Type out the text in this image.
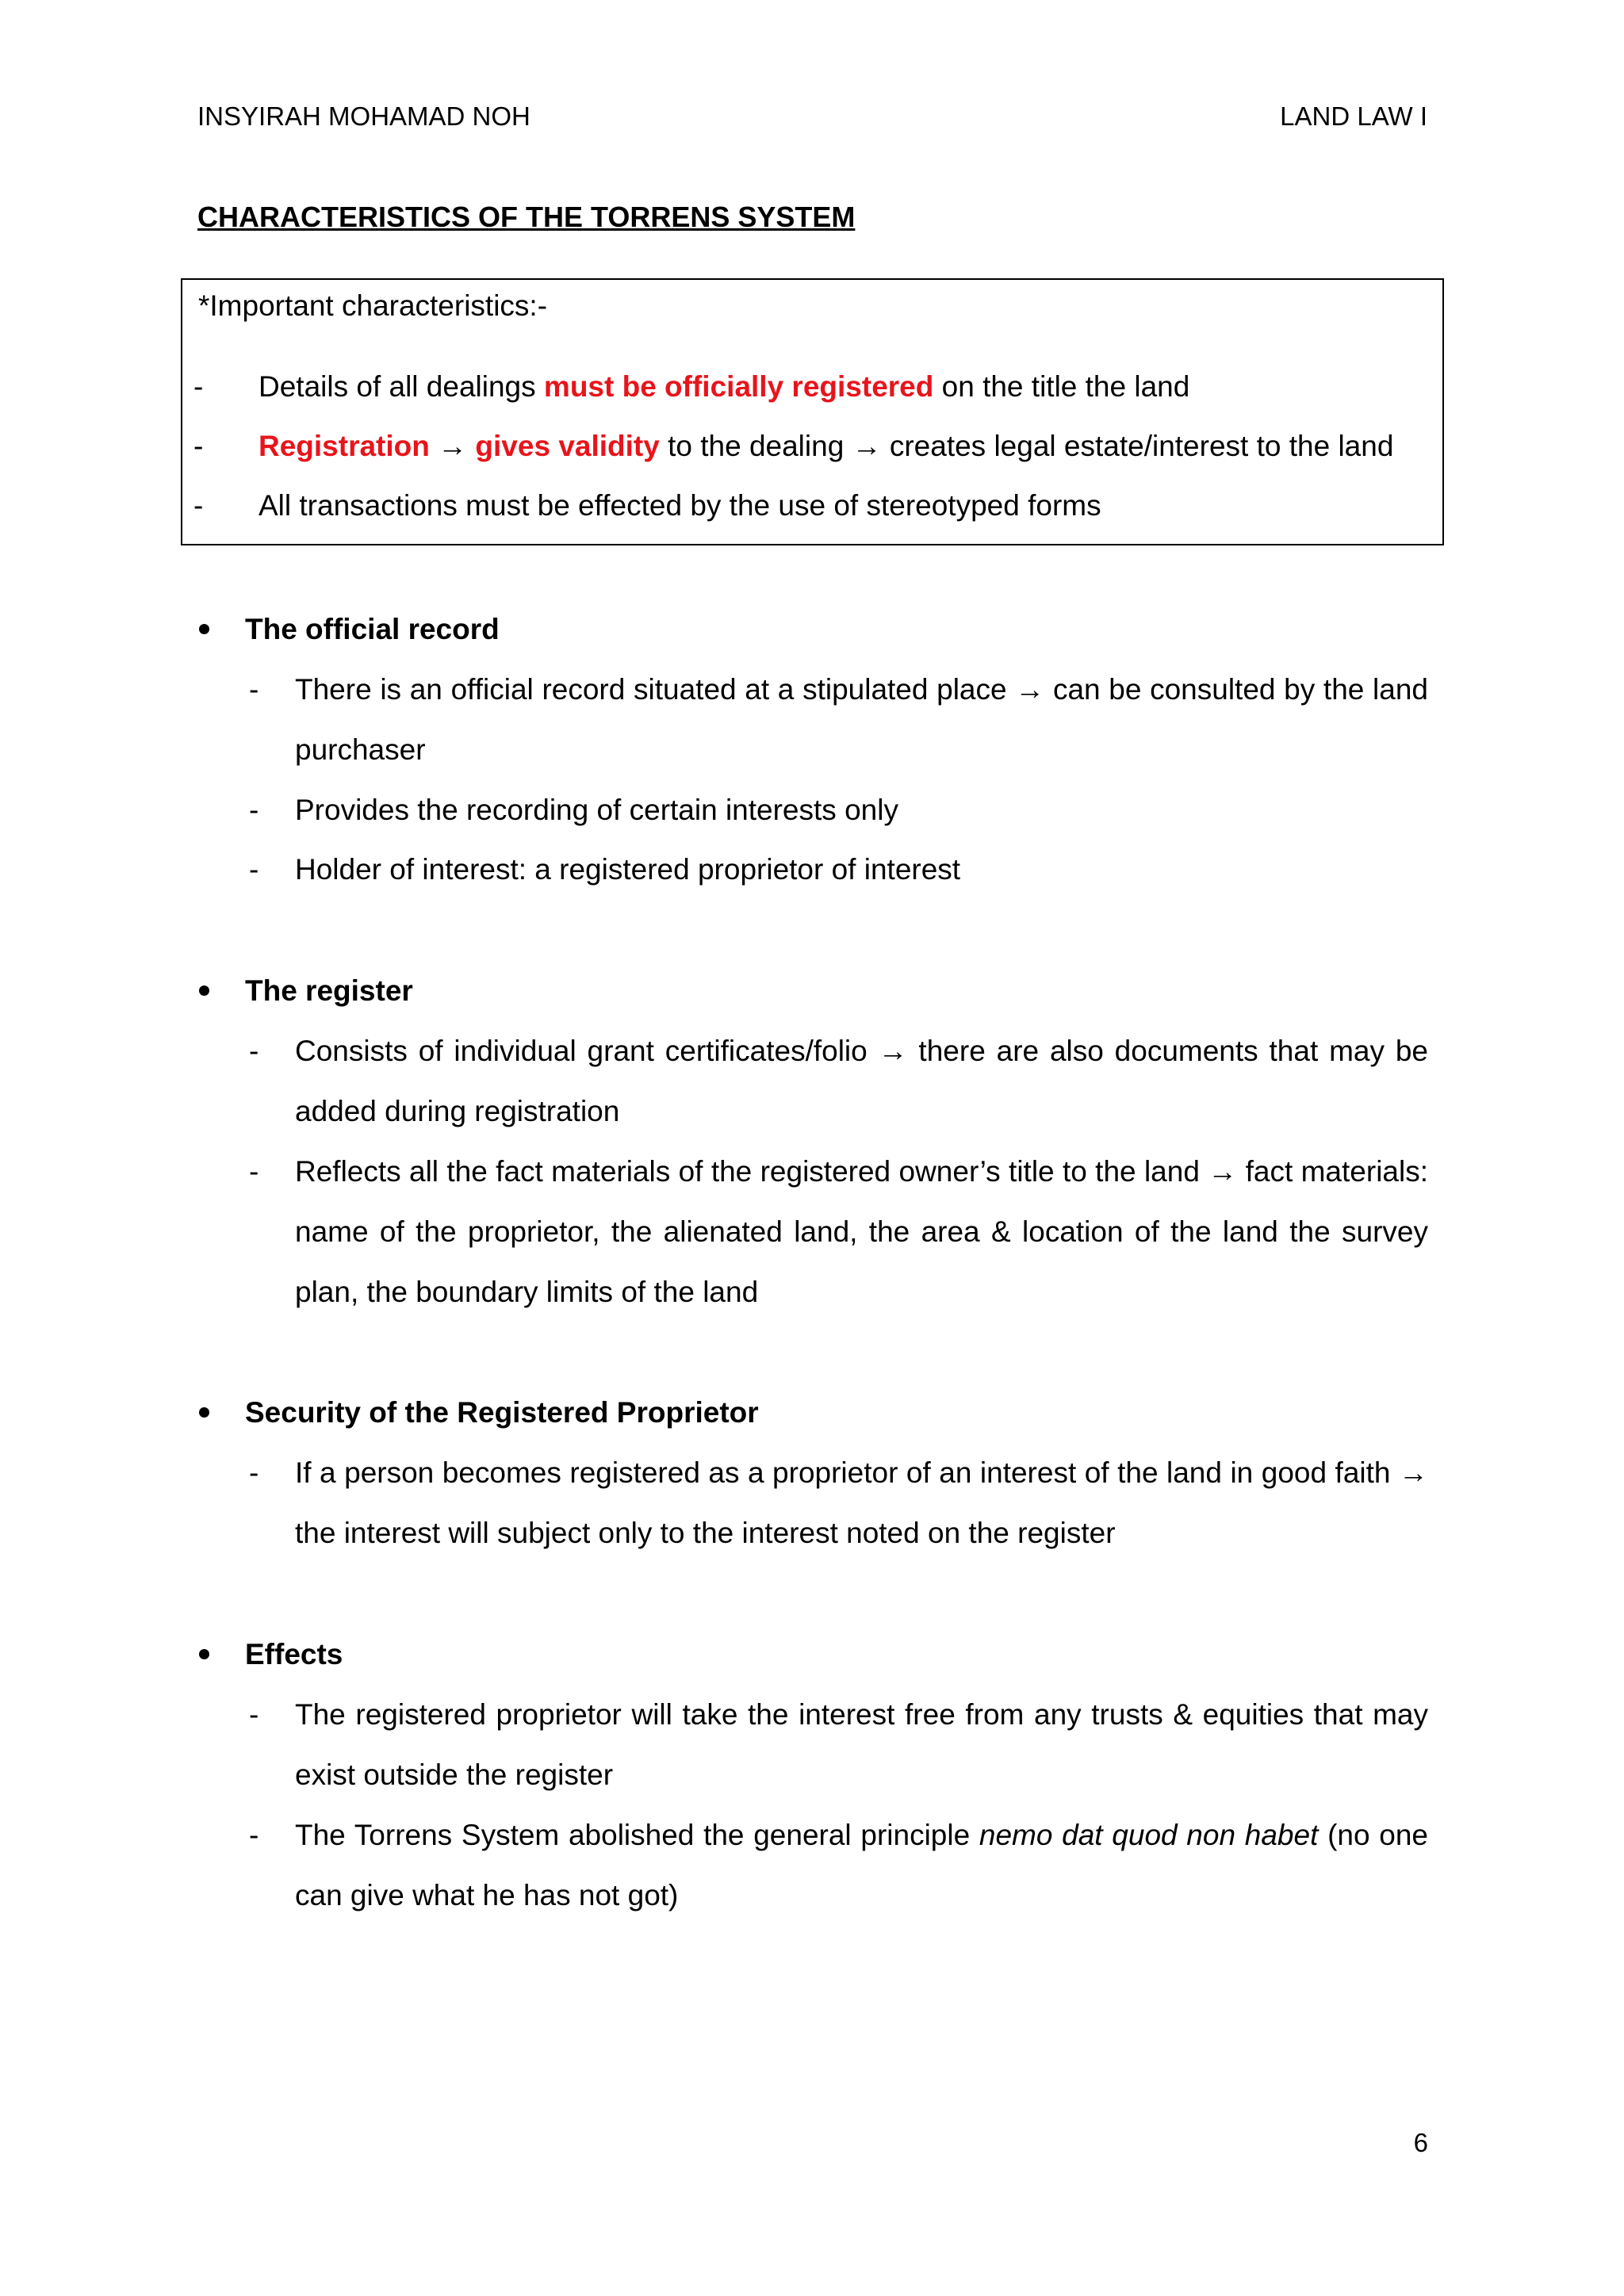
INSYIRAH MOHAMAD NOH	LAND LAW I
CHARACTERISTICS OF THE TORRENS SYSTEM
*Important characteristics:-
- Details of all dealings must be officially registered on the title the land
- Registration → gives validity to the dealing → creates legal estate/interest to the land
- All transactions must be effected by the use of stereotyped forms
The official record
- There is an official record situated at a stipulated place → can be consulted by the land purchaser
- Provides the recording of certain interests only
- Holder of interest: a registered proprietor of interest
The register
- Consists of individual grant certificates/folio → there are also documents that may be added during registration
- Reflects all the fact materials of the registered owner’s title to the land → fact materials: name of the proprietor, the alienated land, the area & location of the land the survey plan, the boundary limits of the land
Security of the Registered Proprietor
- If a person becomes registered as a proprietor of an interest of the land in good faith → the interest will subject only to the interest noted on the register
Effects
- The registered proprietor will take the interest free from any trusts & equities that may exist outside the register
- The Torrens System abolished the general principle nemo dat quod non habet (no one can give what he has not got)
6
